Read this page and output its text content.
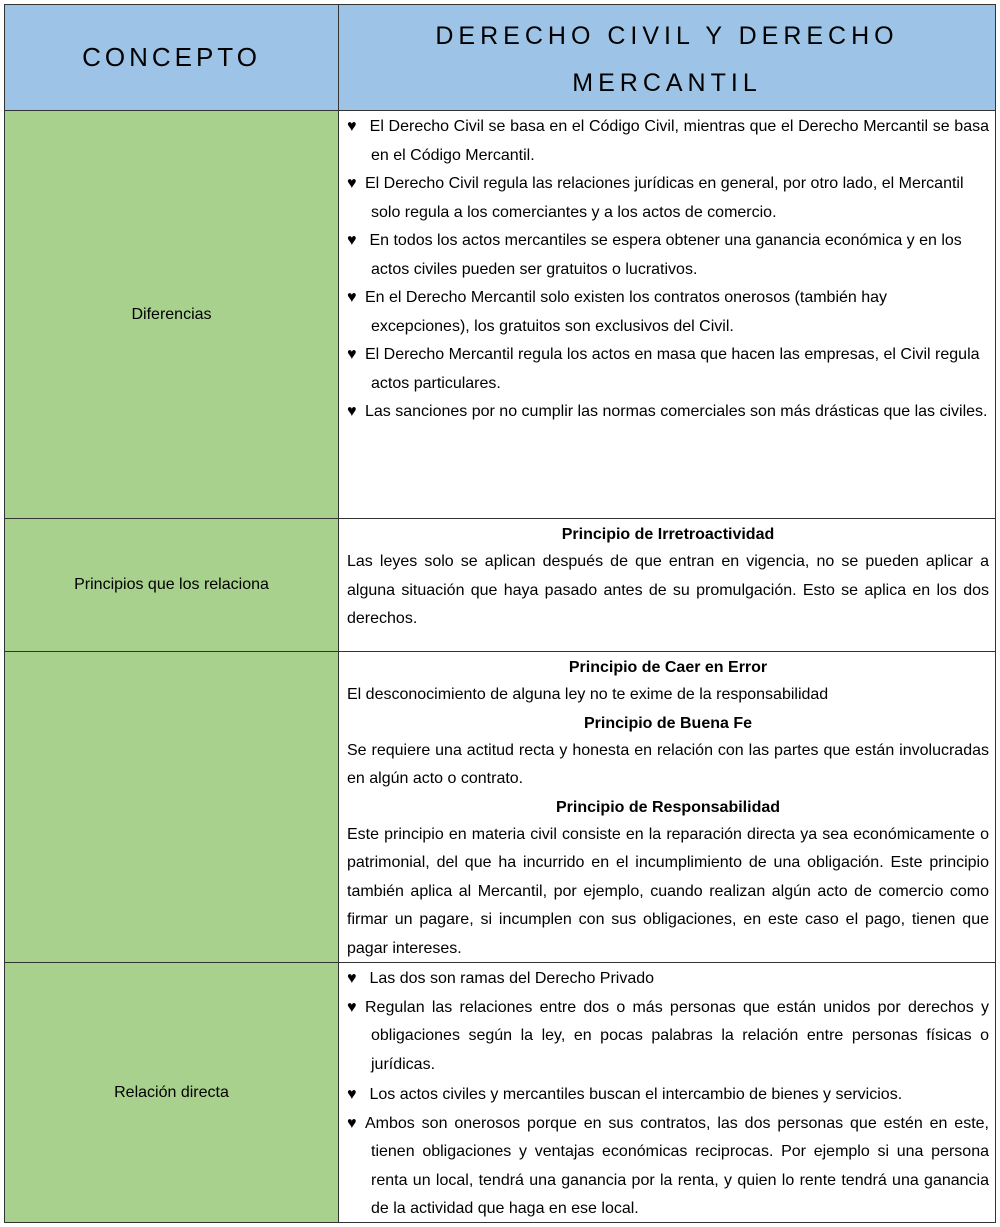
CONCEPTO
DERECHO CIVIL Y DERECHO MERCANTIL
Diferencias
♥ El Derecho Civil se basa en el Código Civil, mientras que el Derecho Mercantil se basa en el Código Mercantil.
♥ El Derecho Civil regula las relaciones jurídicas en general, por otro lado, el Mercantil solo regula a los comerciantes y a los actos de comercio.
♥ En todos los actos mercantiles se espera obtener una ganancia económica y en los actos civiles pueden ser gratuitos o lucrativos.
♥ En el Derecho Mercantil solo existen los contratos onerosos (también hay excepciones), los gratuitos son exclusivos del Civil.
♥ El Derecho Mercantil regula los actos en masa que hacen las empresas, el Civil regula actos particulares.
♥ Las sanciones por no cumplir las normas comerciales son más drásticas que las civiles.
Principios que los relaciona
Principio de Irretroactividad
Las leyes solo se aplican después de que entran en vigencia, no se pueden aplicar a alguna situación que haya pasado antes de su promulgación. Esto se aplica en los dos derechos.
Principio de Caer en Error
El desconocimiento de alguna ley no te exime de la responsabilidad
Principio de Buena Fe
Se requiere una actitud recta y honesta en relación con las partes que están involucradas en algún acto o contrato.
Principio de Responsabilidad
Este principio en materia civil consiste en la reparación directa ya sea económicamente o patrimonial, del que ha incurrido en el incumplimiento de una obligación. Este principio también aplica al Mercantil, por ejemplo, cuando realizan algún acto de comercio como firmar un pagare, si incumplen con sus obligaciones, en este caso el pago, tienen que pagar intereses.
Relación directa
♥ Las dos son ramas del Derecho Privado
♥ Regulan las relaciones entre dos o más personas que están unidos por derechos y obligaciones según la ley, en pocas palabras la relación entre personas físicas o jurídicas.
♥ Los actos civiles y mercantiles buscan el intercambio de bienes y servicios.
♥ Ambos son onerosos porque en sus contratos, las dos personas que estén en este, tienen obligaciones y ventajas económicas reciprocas. Por ejemplo si una persona renta un local, tendrá una ganancia por la renta, y quien lo rente tendrá una ganancia de la actividad que haga en ese local.
